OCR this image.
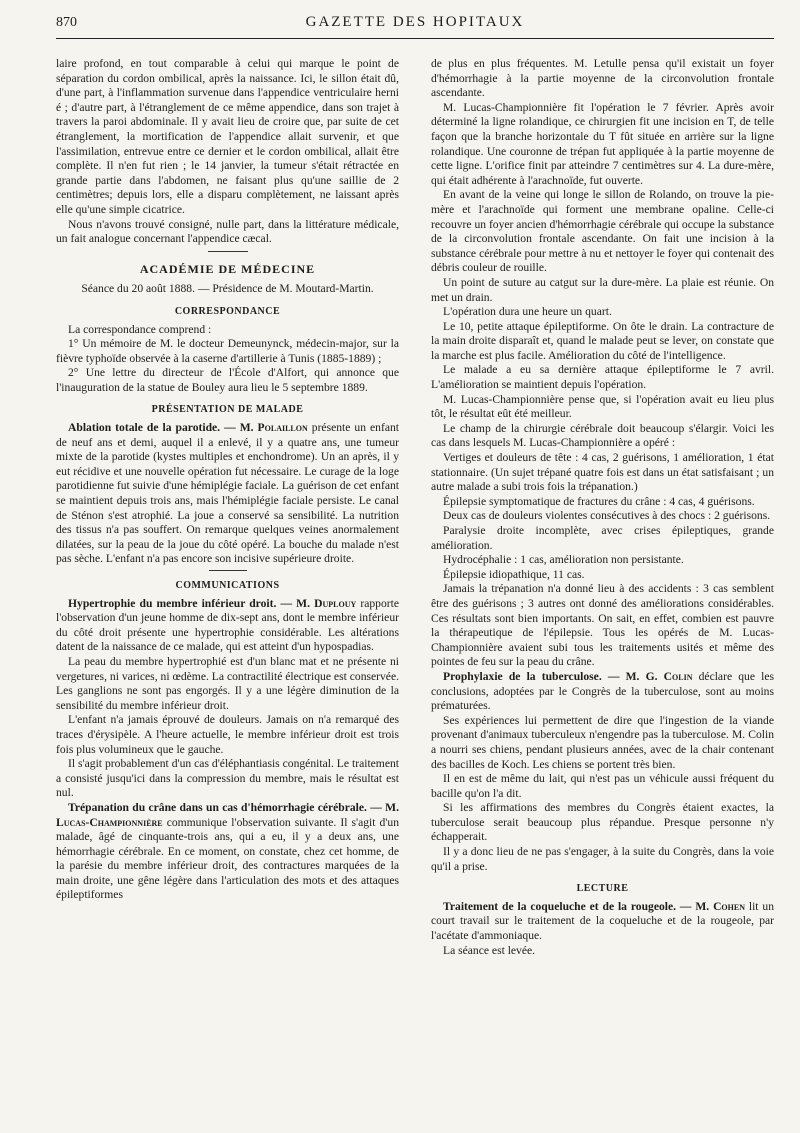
870	GAZETTE DES HOPITAUX

laire profond, en tout comparable à celui qui marque le point de séparation du cordon ombilical, après la naissance. Ici, le sillon était dû, d'une part, à l'inflammation survenue dans l'appendice ventriculaire herni é ; d'autre part, à l'étranglement de ce même appendice, dans son trajet à travers la paroi abdominale. Il y avait lieu de croire que, par suite de cet étranglement, la mortification de l'appendice allait survenir, et que l'assimilation, entrevue entre ce dernier et le cordon ombilical, allait être complète. Il n'en fut rien ; le 14 janvier, la tumeur s'était rétractée en grande partie dans l'abdomen, ne faisant plus qu'une saillie de 2 centimètres; depuis lors, elle a disparu complètement, ne laissant après elle qu'une simple cicatrice.

Nous n'avons trouvé consigné, nulle part, dans la littérature médicale, un fait analogue concernant l'appendice cæcal.

ACADÉMIE DE MÉDECINE

Séance du 20 août 1888. — Présidence de M. Moutard-Martin.

CORRESPONDANCE

La correspondance comprend :

1° Un mémoire de M. le docteur Demeunynck, médecin-major, sur la fièvre typhoïde observée à la caserne d'artillerie à Tunis (1885-1889) ;

2° Une lettre du directeur de l'École d'Alfort, qui annonce que l'inauguration de la statue de Bouley aura lieu le 5 septembre 1889.

PRÉSENTATION DE MALADE

Ablation totale de la parotide. — M. Polaillon présente un enfant de neuf ans et demi, auquel il a enlevé, il y a quatre ans, une tumeur mixte de la parotide (kystes multiples et enchondrome). Un an après, il y eut récidive et une nouvelle opération fut nécessaire. Le curage de la loge parotidienne fut suivie d'une hémiplégie faciale. La guérison de cet enfant se maintient depuis trois ans, mais l'hémiplégie faciale persiste. Le canal de Sténon s'est atrophié. La joue a conservé sa sensibilité. La nutrition des tissus n'a pas souffert. On remarque quelques veines anormalement dilatées, sur la peau de la joue du côté opéré. La bouche du malade n'est pas sèche. L'enfant n'a pas encore son incisive supérieure droite.

COMMUNICATIONS

Hypertrophie du membre inférieur droit. — M. Duplouy rapporte l'observation d'un jeune homme de dix-sept ans, dont le membre inférieur du côté droit présente une hypertrophie considérable. Les altérations datent de la naissance de ce malade, qui est atteint d'un hypospadias.

La peau du membre hypertrophié est d'un blanc mat et ne présente ni vergetures, ni varices, ni œdème. La contractilité électrique est conservée. Les ganglions ne sont pas engorgés. Il y a une légère diminution de la sensibilité du membre inférieur droit.

L'enfant n'a jamais éprouvé de douleurs. Jamais on n'a remarqué des traces d'érysipèle. A l'heure actuelle, le membre inférieur droit est trois fois plus volumineux que le gauche.

Il s'agit probablement d'un cas d'éléphantiasis congénital. Le traitement a consisté jusqu'ici dans la compression du membre, mais le résultat est nul.

Trépanation du crâne dans un cas d'hémorrhagie cérébrale. — M. Lucas-Championnière communique l'observation suivante. Il s'agit d'un malade, âgé de cinquante-trois ans, qui a eu, il y a deux ans, une hémorrhagie cérébrale. En ce moment, on constate, chez cet homme, de la parésie du membre inférieur droit, des contractures marquées de la main droite, une gêne légère dans l'articulation des mots et des attaques épileptiformes

de plus en plus fréquentes. M. Letulle pensa qu'il existait un foyer d'hémorrhagie à la partie moyenne de la circonvolution frontale ascendante.

M. Lucas-Championnière fit l'opération le 7 février. Après avoir déterminé la ligne rolandique, ce chirurgien fit une incision en T, de telle façon que la branche horizontale du T fût située en arrière sur la ligne rolandique. Une couronne de trépan fut appliquée à la partie moyenne de cette ligne. L'orifice finit par atteindre 7 centimètres sur 4. La dure-mère, qui était adhérente à l'arachnoïde, fut ouverte.

En avant de la veine qui longe le sillon de Rolando, on trouve la pie-mère et l'arachnoïde qui forment une membrane opaline. Celle-ci recouvre un foyer ancien d'hémorrhagie cérébrale qui occupe la substance de la circonvolution frontale ascendante. On fait une incision à la substance cérébrale pour mettre à nu et nettoyer le foyer qui contenait des débris couleur de rouille.

Un point de suture au catgut sur la dure-mère. La plaie est réunie. On met un drain.

L'opération dura une heure un quart.

Le 10, petite attaque épileptiforme. On ôte le drain. La contracture de la main droite disparaît et, quand le malade peut se lever, on constate que la marche est plus facile. Amélioration du côté de l'intelligence.

Le malade a eu sa dernière attaque épileptiforme le 7 avril. L'amélioration se maintient depuis l'opération.

M. Lucas-Championnière pense que, si l'opération avait eu lieu plus tôt, le résultat eût été meilleur.

Le champ de la chirurgie cérébrale doit beaucoup s'élargir. Voici les cas dans lesquels M. Lucas-Championnière a opéré :

Vertiges et douleurs de tête : 4 cas, 2 guérisons, 1 amélioration, 1 état stationnaire. (Un sujet trépané quatre fois est dans un état satisfaisant ; un autre malade a subi trois fois la trépanation.)

Épilepsie symptomatique de fractures du crâne : 4 cas, 4 guérisons.

Deux cas de douleurs violentes consécutives à des chocs : 2 guérisons.

Paralysie droite incomplète, avec crises épileptiques, grande amélioration.

Hydrocéphalie : 1 cas, amélioration non persistante.

Épilepsie idiopathique, 11 cas.

Jamais la trépanation n'a donné lieu à des accidents : 3 cas semblent être des guérisons ; 3 autres ont donné des améliorations considérables. Ces résultats sont bien importants. On sait, en effet, combien est pauvre la thérapeutique de l'épilepsie. Tous les opérés de M. Lucas-Championnière avaient subi tous les traitements usités et même des pointes de feu sur la peau du crâne.

Prophylaxie de la tuberculose. — M. G. Colin déclare que les conclusions, adoptées par le Congrès de la tuberculose, sont au moins prématurées.

Ses expériences lui permettent de dire que l'ingestion de la viande provenant d'animaux tuberculeux n'engendre pas la tuberculose. M. Colin a nourri ses chiens, pendant plusieurs années, avec de la chair contenant des bacilles de Koch. Les chiens se portent très bien.

Il en est de même du lait, qui n'est pas un véhicule aussi fréquent du bacille qu'on l'a dit.

Si les affirmations des membres du Congrès étaient exactes, la tuberculose serait beaucoup plus répandue. Presque personne n'y échapperait.

Il y a donc lieu de ne pas s'engager, à la suite du Congrès, dans la voie qu'il a prise.

LECTURE

Traitement de la coqueluche et de la rougeole. — M. Cohen lit un court travail sur le traitement de la coqueluche et de la rougeole, par l'acétate d'ammoniaque.

La séance est levée.
